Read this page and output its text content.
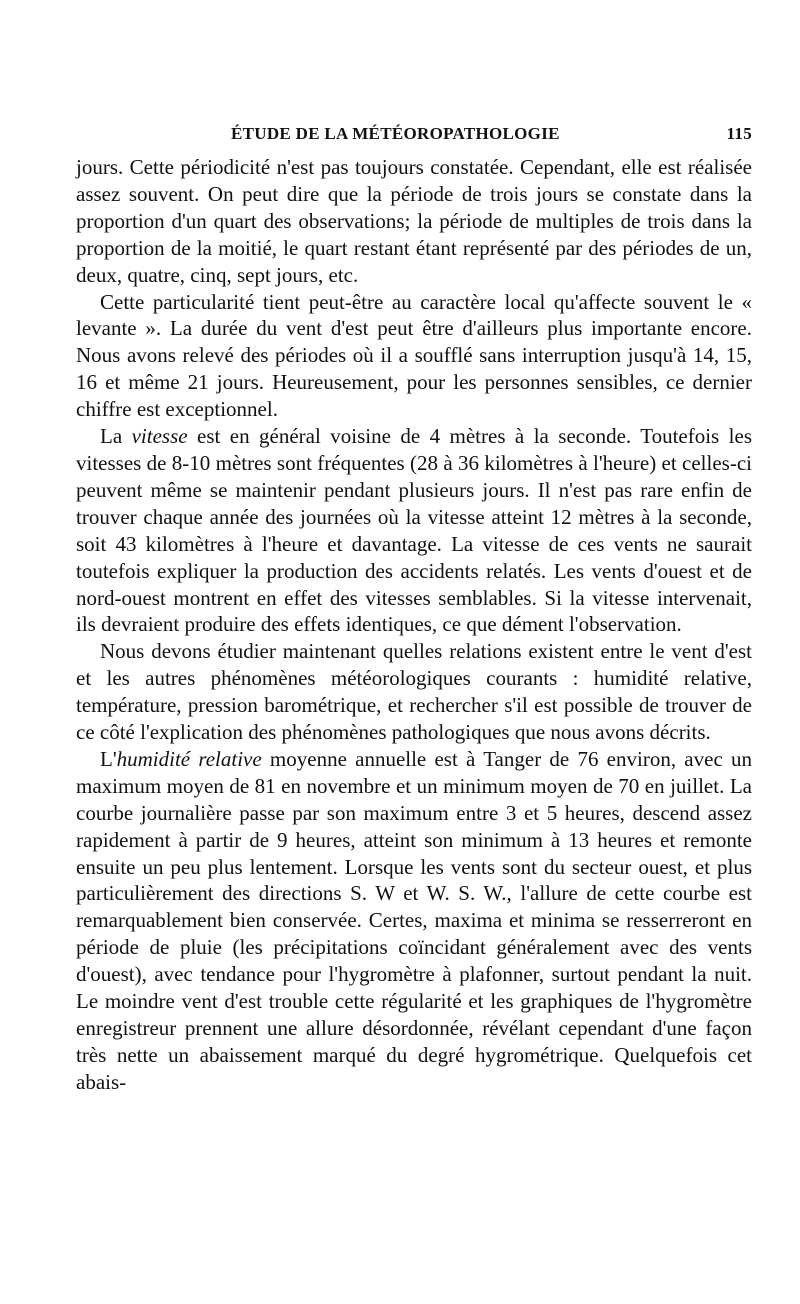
ÉTUDE DE LA MÉTÉOROPATHOLOGIE	115

jours. Cette périodicité n'est pas toujours constatée. Cependant, elle est réalisée assez souvent. On peut dire que la période de trois jours se constate dans la proportion d'un quart des observations; la période de multiples de trois dans la proportion de la moitié, le quart restant étant représenté par des périodes de un, deux, quatre, cinq, sept jours, etc.

Cette particularité tient peut-être au caractère local qu'affecte souvent le « levante ». La durée du vent d'est peut être d'ailleurs plus importante encore. Nous avons relevé des périodes où il a soufflé sans interruption jusqu'à 14, 15, 16 et même 21 jours. Heureusement, pour les personnes sensibles, ce dernier chiffre est exceptionnel.

La vitesse est en général voisine de 4 mètres à la seconde. Toutefois les vitesses de 8-10 mètres sont fréquentes (28 à 36 kilomètres à l'heure) et celles-ci peuvent même se maintenir pendant plusieurs jours. Il n'est pas rare enfin de trouver chaque année des journées où la vitesse atteint 12 mètres à la seconde, soit 43 kilomètres à l'heure et davantage. La vitesse de ces vents ne saurait toutefois expliquer la production des accidents relatés. Les vents d'ouest et de nord-ouest montrent en effet des vitesses semblables. Si la vitesse intervenait, ils devraient produire des effets identiques, ce que dément l'observation.

Nous devons étudier maintenant quelles relations existent entre le vent d'est et les autres phénomènes météorologiques courants : humidité relative, température, pression barométrique, et rechercher s'il est possible de trouver de ce côté l'explication des phénomènes pathologiques que nous avons décrits.

L'humidité relative moyenne annuelle est à Tanger de 76 environ, avec un maximum moyen de 81 en novembre et un minimum moyen de 70 en juillet. La courbe journalière passe par son maximum entre 3 et 5 heures, descend assez rapidement à partir de 9 heures, atteint son minimum à 13 heures et remonte ensuite un peu plus lentement. Lorsque les vents sont du secteur ouest, et plus particulièrement des directions S. W et W. S. W., l'allure de cette courbe est remarquablement bien conservée. Certes, maxima et minima se resserreront en période de pluie (les précipitations coïncidant généralement avec des vents d'ouest), avec tendance pour l'hygromètre à plafonner, surtout pendant la nuit. Le moindre vent d'est trouble cette régularité et les graphiques de l'hygromètre enregistreur prennent une allure désordonnée, révélant cependant d'une façon très nette un abaissement marqué du degré hygrométrique. Quelquefois cet abais-
